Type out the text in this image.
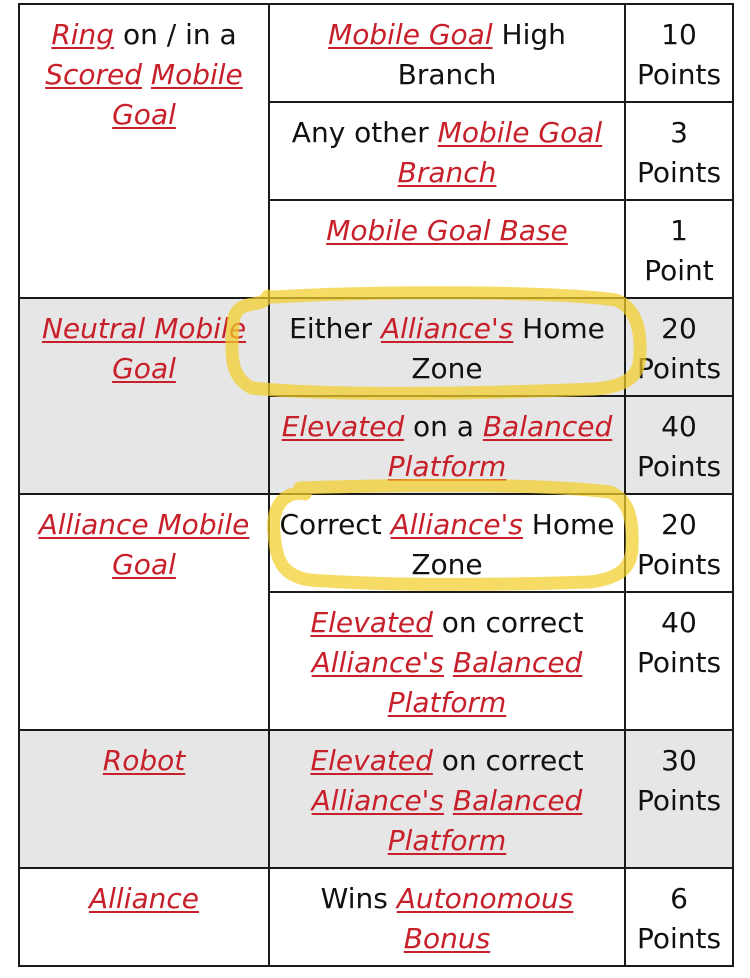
Ring on / in a Scored Mobile Goal	Mobile Goal High Branch	10 Points
	Any other Mobile Goal Branch	3 Points
	Mobile Goal Base	1 Point
Neutral Mobile Goal	Either Alliance's Home Zone	20 Points
	Elevated on a Balanced Platform	40 Points
Alliance Mobile Goal	Correct Alliance's Home Zone	20 Points
	Elevated on correct Alliance's Balanced Platform	40 Points
Robot	Elevated on correct Alliance's Balanced Platform	30 Points
Alliance	Wins Autonomous Bonus	6 Points
